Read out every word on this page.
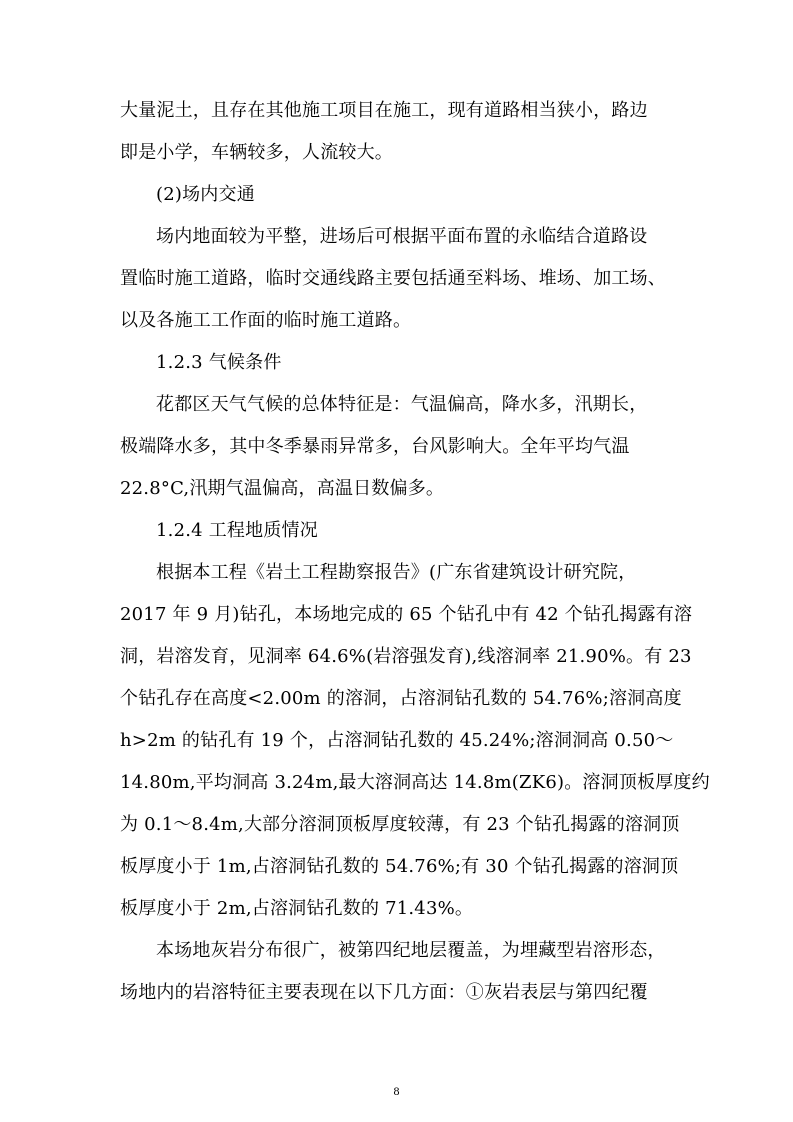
大量泥土，且存在其他施工项目在施工，现有道路相当狭小，路边
即是小学，车辆较多，人流较大。
(2)场内交通
场内地面较为平整，进场后可根据平面布置的永临结合道路设
置临时施工道路，临时交通线路主要包括通至料场、堆场、加工场、
以及各施工工作面的临时施工道路。
1.2.3 气候条件
花都区天气气候的总体特征是：气温偏高，降水多，汛期长，
极端降水多，其中冬季暴雨异常多，台风影响大。全年平均气温
22.8°C,汛期气温偏高，高温日数偏多。
1.2.4 工程地质情况
根据本工程《岩土工程勘察报告》(广东省建筑设计研究院，
2017 年 9 月)钻孔，本场地完成的 65 个钻孔中有 42 个钻孔揭露有溶
洞，岩溶发育，见洞率 64.6%(岩溶强发育),线溶洞率 21.90%。有 23
个钻孔存在高度<2.00m 的溶洞，占溶洞钻孔数的 54.76%;溶洞高度
h>2m 的钻孔有 19 个，占溶洞钻孔数的 45.24%;溶洞洞高 0.50～
14.80m,平均洞高 3.24m,最大溶洞高达 14.8m(ZK6)。溶洞顶板厚度约
为 0.1～8.4m,大部分溶洞顶板厚度较薄，有 23 个钻孔揭露的溶洞顶
板厚度小于 1m,占溶洞钻孔数的 54.76%;有 30 个钻孔揭露的溶洞顶
板厚度小于 2m,占溶洞钻孔数的 71.43%。
本场地灰岩分布很广，被第四纪地层覆盖，为埋藏型岩溶形态，
场地内的岩溶特征主要表现在以下几方面：①灰岩表层与第四纪覆
8
